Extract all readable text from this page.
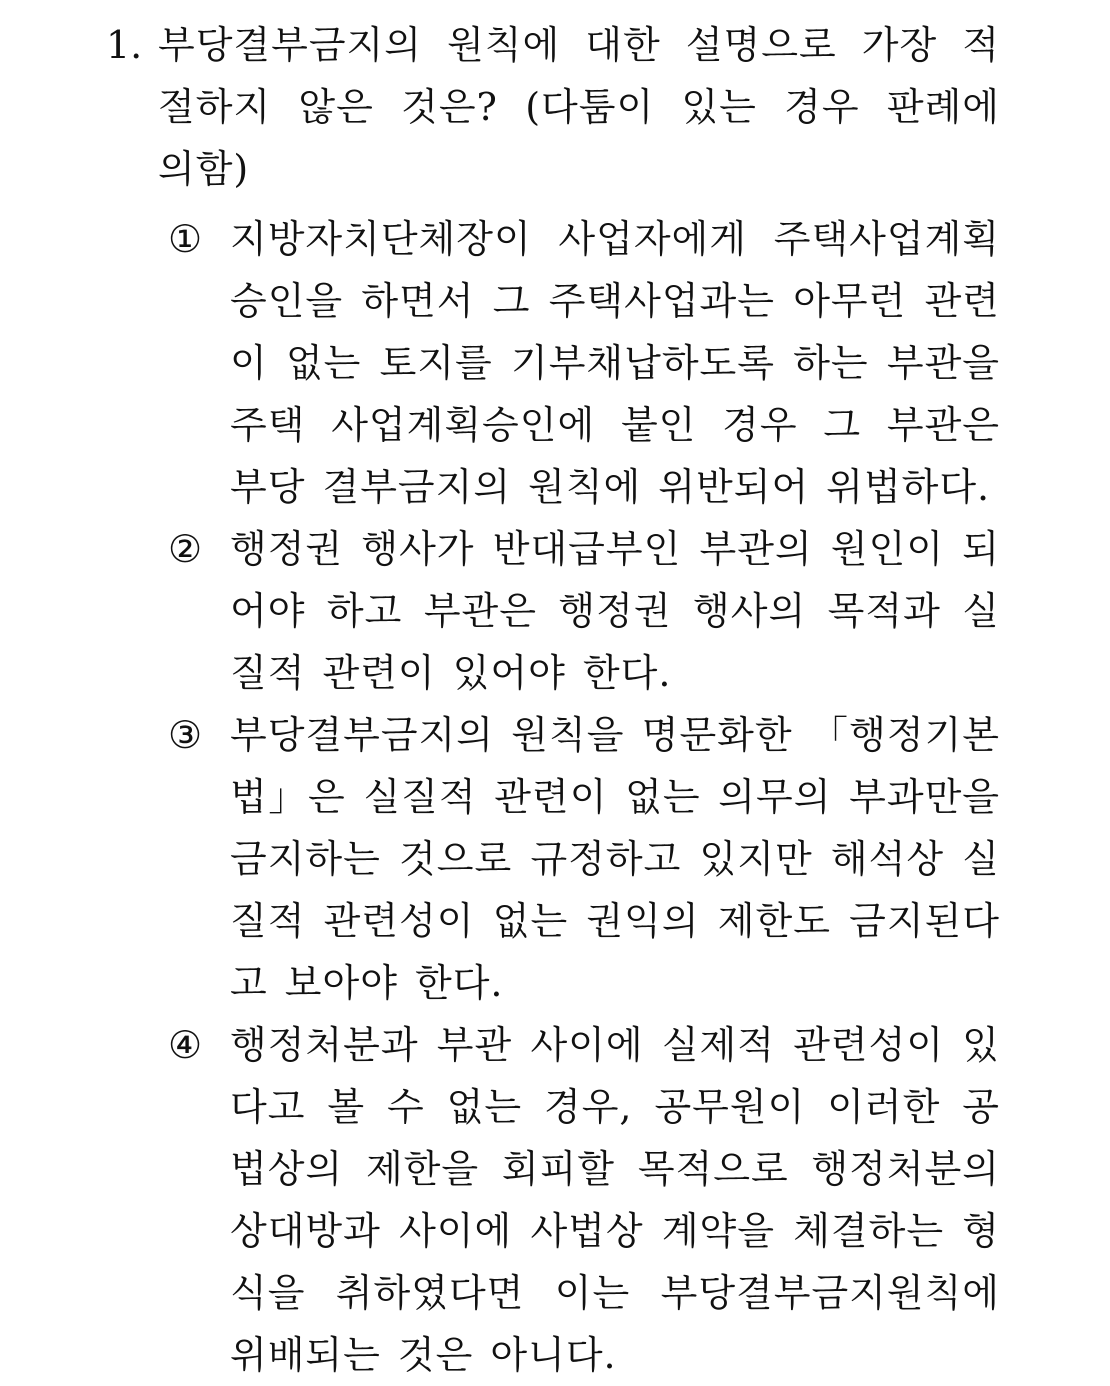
1. 부당결부금지의 원칙에 대한 설명으로 가장 적절하지 않은 것은? (다툼이 있는 경우 판례에 의함)
① 지방자치단체장이 사업자에게 주택사업계획 승인을 하면서 그 주택사업과는 아무런 관련이 없는 토지를 기부채납하도록 하는 부관을 주택 사업계획승인에 붙인 경우 그 부관은 부당 결부금지의 원칙에 위반되어 위법하다.
② 행정권 행사가 반대급부인 부관의 원인이 되어야 하고 부관은 행정권 행사의 목적과 실질적 관련이 있어야 한다.
③ 부당결부금지의 원칙을 명문화한 「행정기본법」은 실질적 관련이 없는 의무의 부과만을 금지하는 것으로 규정하고 있지만 해석상 실질적 관련성이 없는 권익의 제한도 금지된다고 보아야 한다.
④ 행정처분과 부관 사이에 실제적 관련성이 있다고 볼 수 없는 경우, 공무원이 이러한 공법상의 제한을 회피할 목적으로 행정처분의 상대방과 사이에 사법상 계약을 체결하는 형식을 취하였다면 이는 부당결부금지원칙에 위배되는 것은 아니다.
